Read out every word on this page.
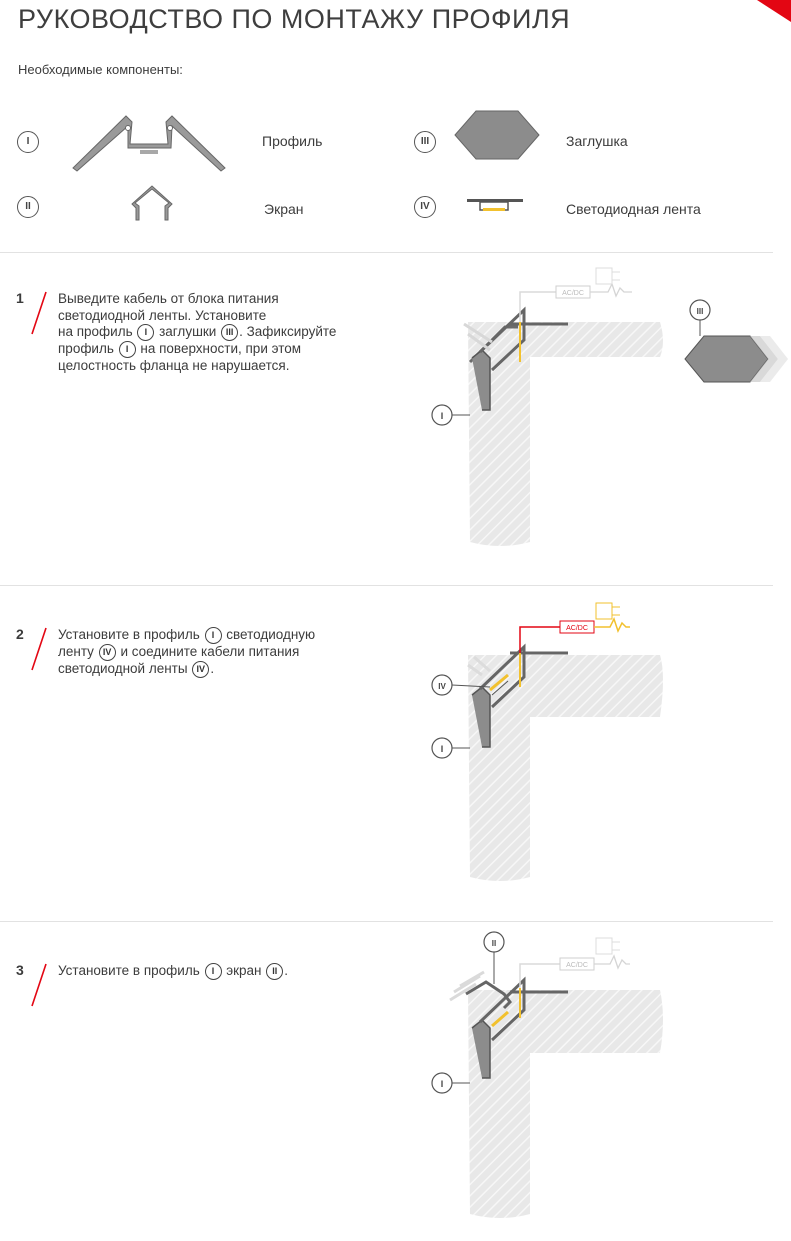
РУКОВОДСТВО ПО МОНТАЖУ ПРОФИЛЯ
Необходимые компоненты:
I	Профиль
II	Экран
III	Заглушка
IV	Светодиодная лента
1	Выведите кабель от блока питания
светодиодной ленты. Установите
на профиль I заглушки III . Зафиксируйте
профиль I на поверхности, при этом
целостность фланца не нарушается.
AC/DC
I
III
2	Установите в профиль I светодиодную
ленту IV и соедините кабели питания
светодиодной ленты IV .
AC/DC
IV
I
3	Установите в профиль I экран II .	AC/DC
II
I
